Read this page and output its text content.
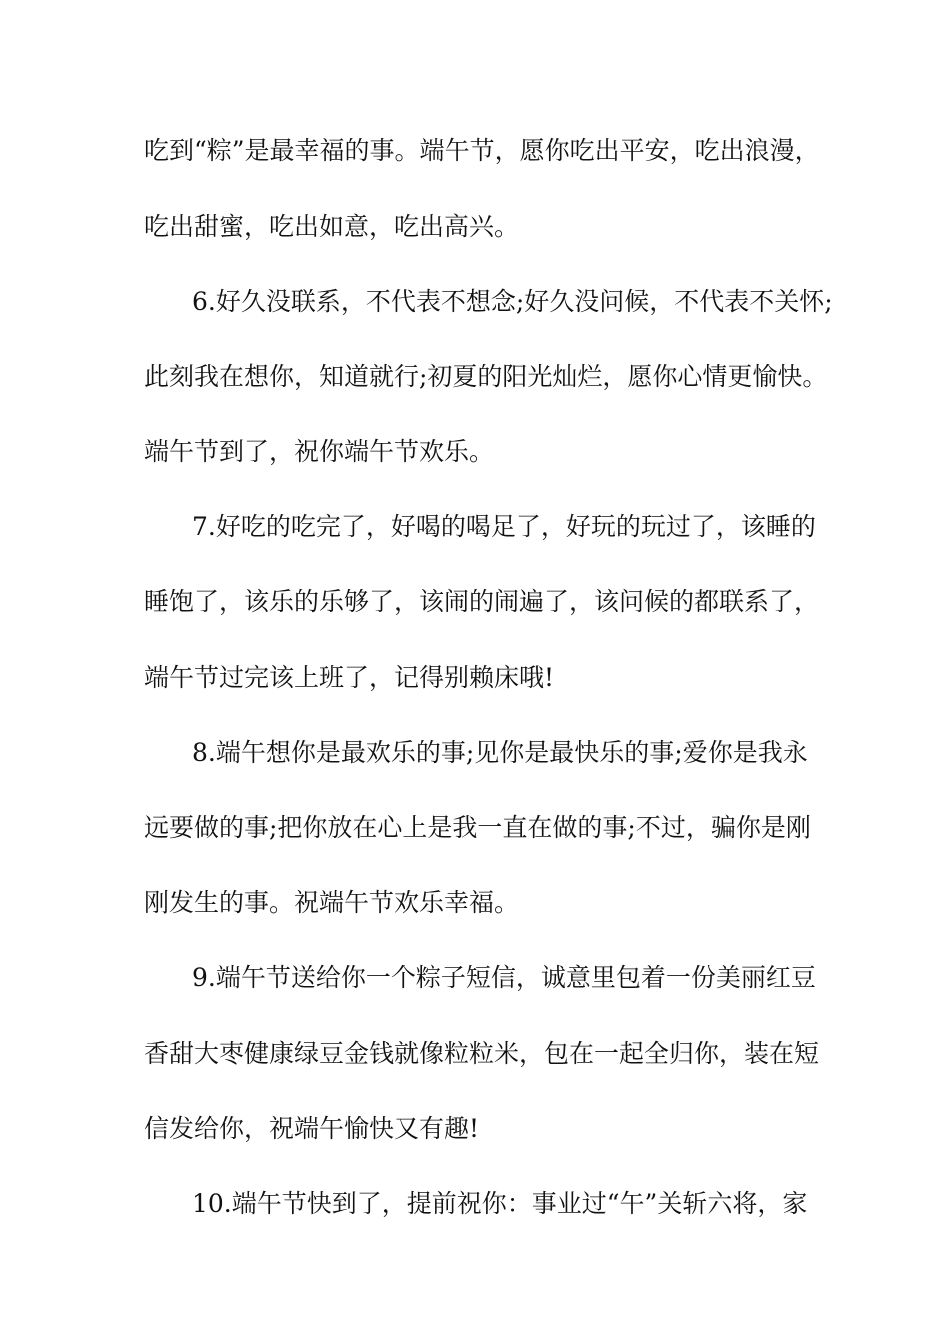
吃到“粽”是最幸福的事。端午节，愿你吃出平安，吃出浪漫，
吃出甜蜜，吃出如意，吃出高兴。
6.好久没联系，不代表不想念;好久没问候，不代表不关怀;
此刻我在想你，知道就行;初夏的阳光灿烂，愿你心情更愉快。
端午节到了，祝你端午节欢乐。
7.好吃的吃完了，好喝的喝足了，好玩的玩过了，该睡的
睡饱了，该乐的乐够了，该闹的闹遍了，该问候的都联系了，
端午节过完该上班了，记得别赖床哦!
8.端午想你是最欢乐的事;见你是最快乐的事;爱你是我永
远要做的事;把你放在心上是我一直在做的事;不过，骗你是刚
刚发生的事。祝端午节欢乐幸福。
9.端午节送给你一个粽子短信，诚意里包着一份美丽红豆
香甜大枣健康绿豆金钱就像粒粒米，包在一起全归你，装在短
信发给你，祝端午愉快又有趣!
10.端午节快到了，提前祝你：事业过“午”关斩六将，家
